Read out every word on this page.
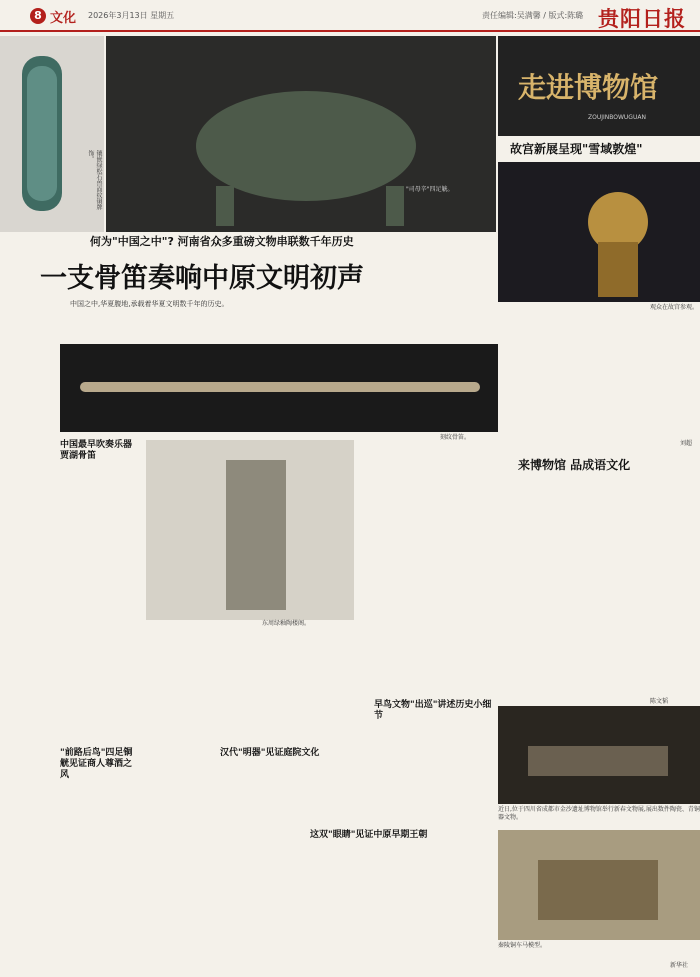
8 文化 2026年3月13日 星期五	责任编辑:吴满馨 / 版式:陈璐 贵阳日报
镶嵌绿松石兽面纹铜牌饰。
"司母辛"四足觥。
走进博物馆
ZOUJINBOWUGUAN
故宫新展呈现"雪域敦煌"
观众在故宫参观。
何为"中国之中"? 河南省众多重磅文物串联数千年历史
一支骨笛奏响中原文明初声
中国之中,华夏腹地,承载着华夏文明数千年的历史。
刻纹骨笛。

刘超
中国最早吹奏乐器贾湖骨笛

"前路后鸟"四足铜觥见证商人尊酒之风
东周绿釉陶楼阁。

汉代"明器"见证庭院文化
这双"眼睛"见证中原早期王朝

来博物馆 品成语文化

陈文韬
早鸟文物"出巡"讲述历史小细节
近日,位于四川省成都市金沙遗址博物馆举行新春文物展,展出数件陶瓷、青铜器文物。
秦陵铜车马模型。
新华社
